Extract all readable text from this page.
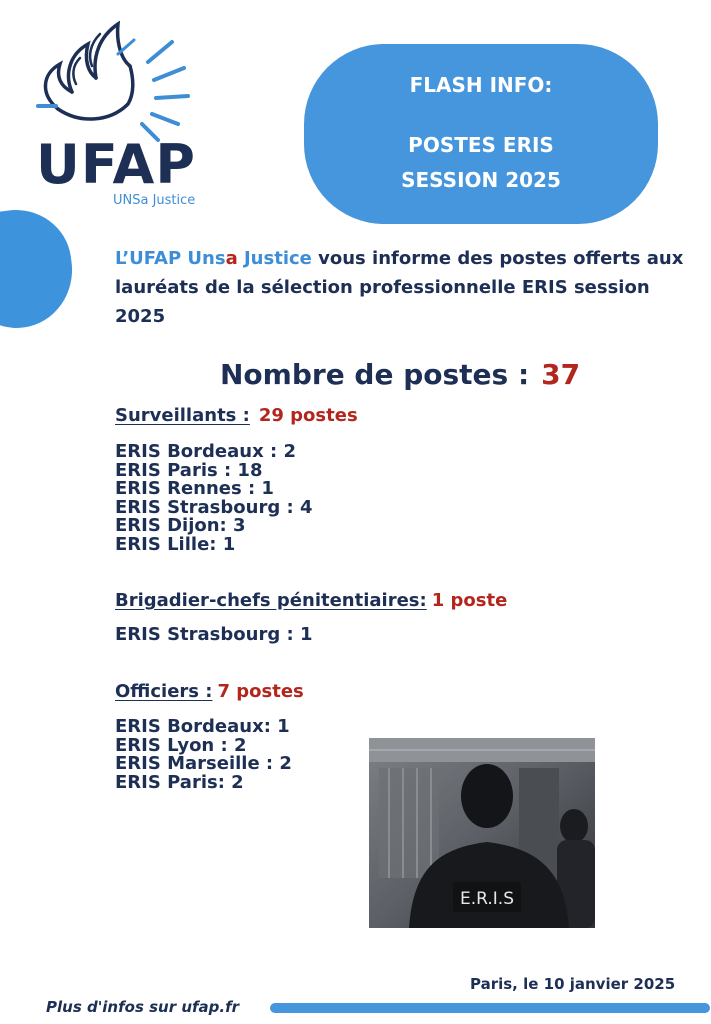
UFAP
UNSa Justice
FLASH INFO:
POSTES ERIS
SESSION 2025

L’UFAP Unsa Justice vous informe des postes offerts aux lauréats de la sélection professionnelle ERIS session 2025

Nombre de postes : 37
Surveillants : 29 postes
ERIS Bordeaux : 2
ERIS Paris : 18
ERIS Rennes : 1
ERIS Strasbourg : 4
ERIS Dijon: 3
ERIS Lille: 1
Brigadier-chefs pénitentiaires: 1 poste
ERIS Strasbourg : 1
Officiers : 7 postes
ERIS Bordeaux: 1
ERIS Lyon : 2
ERIS Marseille : 2
ERIS Paris: 2
E.R.I.S
Paris, le 10 janvier 2025
Plus d'infos sur ufap.fr
